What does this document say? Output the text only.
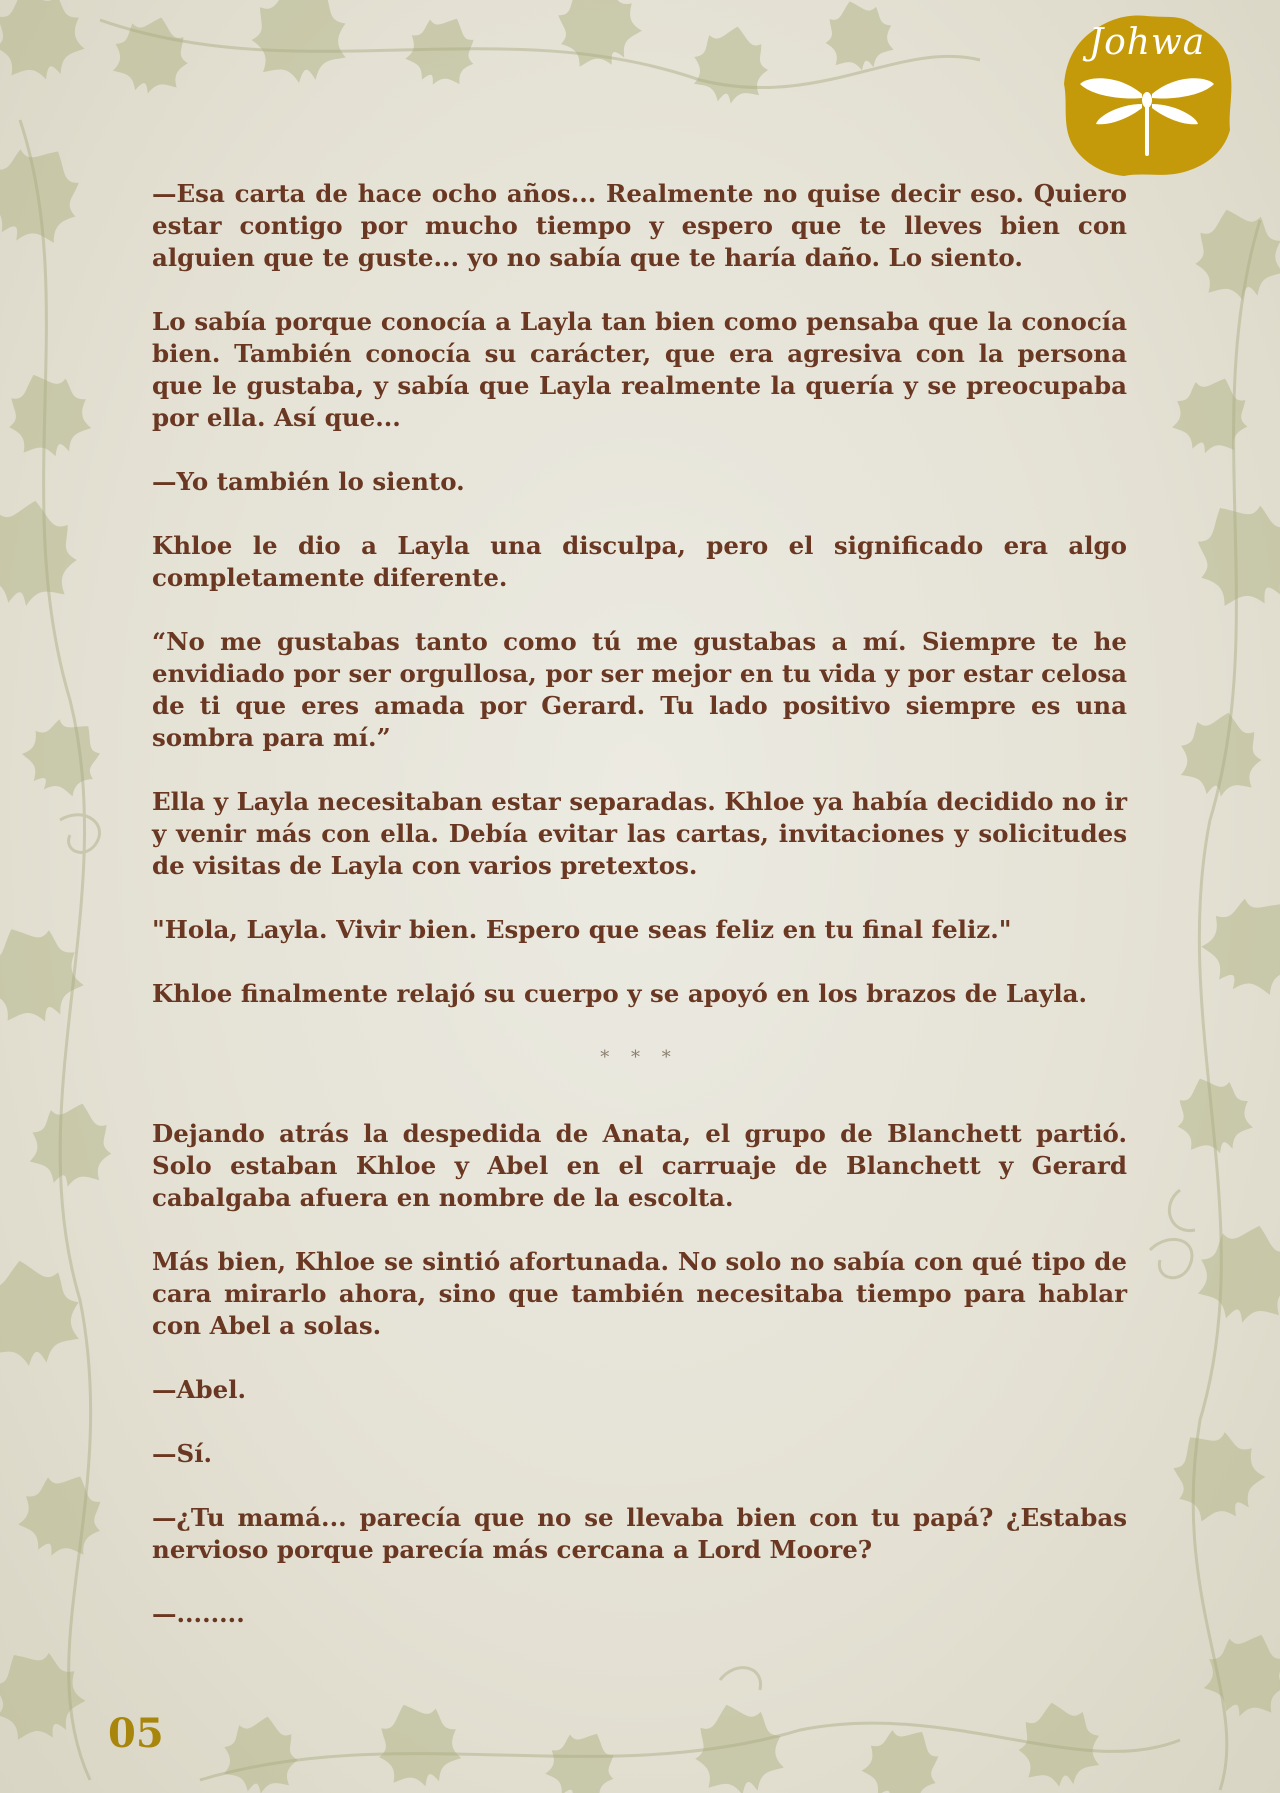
Johwa

—Esa carta de hace ocho años... Realmente no quise decir eso. Quiero estar contigo por mucho tiempo y espero que te lleves bien con alguien que te guste... yo no sabía que te haría daño. Lo siento.

Lo sabía porque conocía a Layla tan bien como pensaba que la conocía bien. También conocía su carácter, que era agresiva con la persona que le gustaba, y sabía que Layla realmente la quería y se preocupaba por ella. Así que...

—Yo también lo siento.

Khloe le dio a Layla una disculpa, pero el significado era algo completamente diferente.

“No me gustabas tanto como tú me gustabas a mí. Siempre te he envidiado por ser orgullosa, por ser mejor en tu vida y por estar celosa de ti que eres amada por Gerard. Tu lado positivo siempre es una sombra para mí.”

Ella y Layla necesitaban estar separadas. Khloe ya había decidido no ir y venir más con ella. Debía evitar las cartas, invitaciones y solicitudes de visitas de Layla con varios pretextos.

"Hola, Layla. Vivir bien. Espero que seas feliz en tu final feliz."

Khloe finalmente relajó su cuerpo y se apoyó en los brazos de Layla.

* * *

Dejando atrás la despedida de Anata, el grupo de Blanchett partió. Solo estaban Khloe y Abel en el carruaje de Blanchett y Gerard cabalgaba afuera en nombre de la escolta.

Más bien, Khloe se sintió afortunada. No solo no sabía con qué tipo de cara mirarlo ahora, sino que también necesitaba tiempo para hablar con Abel a solas.

—Abel.

—Sí.

—¿Tu mamá... parecía que no se llevaba bien con tu papá? ¿Estabas nervioso porque parecía más cercana a Lord Moore?

—........

05
